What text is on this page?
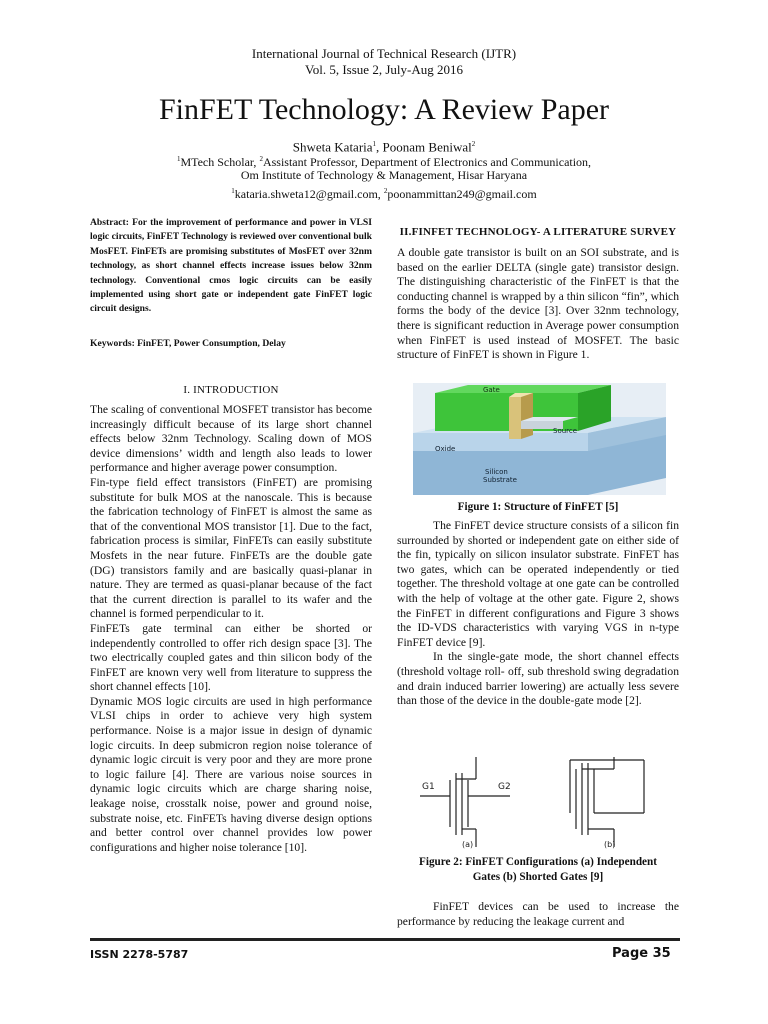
International Journal of Technical Research (IJTR)
Vol. 5, Issue 2, July-Aug 2016
FinFET Technology: A Review Paper
Shweta Kataria$^1$, Poonam Beniwal$^2$
$^1$MTech Scholar, $^2$Assistant Professor, Department of Electronics and Communication,
Om Institute of Technology & Management, Hisar Haryana
$^1$kataria.shweta12@gmail.com, $^2$poonammittan249@gmail.com
Abstract: For the improvement of performance and power in VLSI logic circuits, FinFET Technology is reviewed over conventional bulk MosFET. FinFETs are promising substitutes of MosFET over 32nm technology, as short channel effects increase issues below 32nm technology. Conventional cmos logic circuits can be easily implemented using short gate or independent gate FinFET logic circuit designs.
Keywords: FinFET, Power Consumption, Delay
I. INTRODUCTION

The scaling of conventional MOSFET transistor has become increasingly difficult because of its large short channel effects below 32nm Technology. Scaling down of MOS device dimensions’ width and length also leads to lower performance and higher average power consumption.

Fin-type field effect transistors (FinFET) are promising substitute for bulk MOS at the nanoscale. This is because the fabrication technology of FinFET is almost the same as that of the conventional MOS transistor [1]. Due to the fact, fabrication process is similar, FinFETs can easily substitute Mosfets in the near future. FinFETs are the double gate (DG) transistors family and are basically quasi-planar in nature. They are termed as quasi-planar because of the fact that the current direction is parallel to its wafer and the channel is formed perpendicular to it.

FinFETs gate terminal can either be shorted or independently controlled to offer rich design space [3]. The two electrically coupled gates and thin silicon body of the FinFET are known very well from literature to suppress the short channel effects [10].

Dynamic MOS logic circuits are used in high performance VLSI chips in order to achieve very high system performance. Noise is a major issue in design of dynamic logic circuits. In deep submicron region noise tolerance of dynamic logic circuit is very poor and they are more prone to logic failure [4]. There are various noise sources in dynamic logic circuits which are charge sharing noise, leakage noise, crosstalk noise, power and ground noise, substrate noise, etc. FinFETs having diverse design options and better control over channel provides low power configurations and higher noise tolerance [10].

II.FINFET TECHNOLOGY- A LITERATURE SURVEY
A double gate transistor is built on an SOI substrate, and is based on the earlier DELTA (single gate) transistor design. The distinguishing characteristic of the FinFET is that the conducting channel is wrapped by a thin silicon “fin”, which forms the body of the device [3]. Over 32nm technology, there is significant reduction in Average power consumption when FinFET is used instead of MOSFET. The basic structure of FinFET is shown in Figure 1.
Gate
Source
Oxide
Silicon
Substrate
Figure 1: Structure of FinFET [5]

The FinFET device structure consists of a silicon fin surrounded by shorted or independent gate on either side of the fin, typically on silicon insulator substrate. FinFET has two gates, which can be operated independently or tied together. The threshold voltage at one gate can be controlled with the help of voltage at the other gate. Figure 2, shows the FinFET in different configurations and Figure 3 shows the ID-VDS characteristics with varying VGS in n-type FinFET device [9].

In the single-gate mode, the short channel effects (threshold voltage roll- off, sub threshold swing degradation and drain induced barrier lowering) are actually less severe than those of the device in the double-gate mode [2].

G1	G2
(a)	(b)
Figure 2: FinFET Configurations (a) Independent
Gates (b) Shorted Gates [9]
FinFET devices can be used to increase the performance by reducing the leakage current and
ISSN 2278-5787	Page 35
